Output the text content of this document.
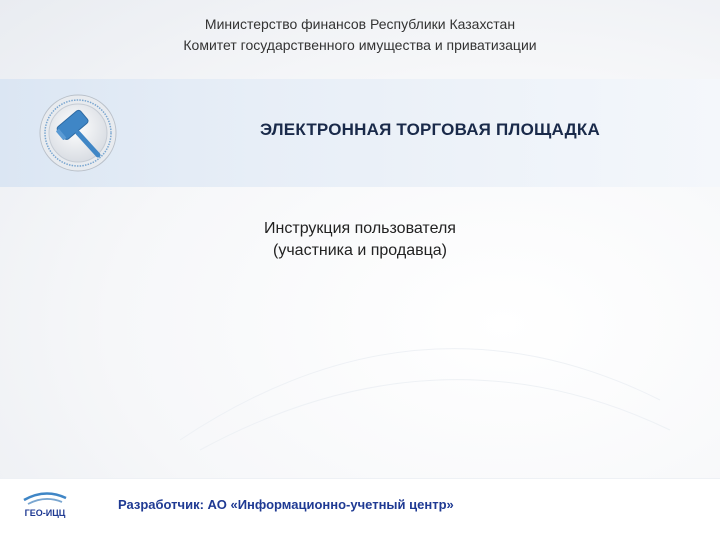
Министерство финансов Республики Казахстан
Комитет государственного имущества и приватизации
ЭЛЕКТРОННАЯ ТОРГОВАЯ ПЛОЩАДКА
Инструкция пользователя
(участника и продавца)
ГЕО-ИЦЦ
Разработчик: АО «Информационно-учетный центр»
